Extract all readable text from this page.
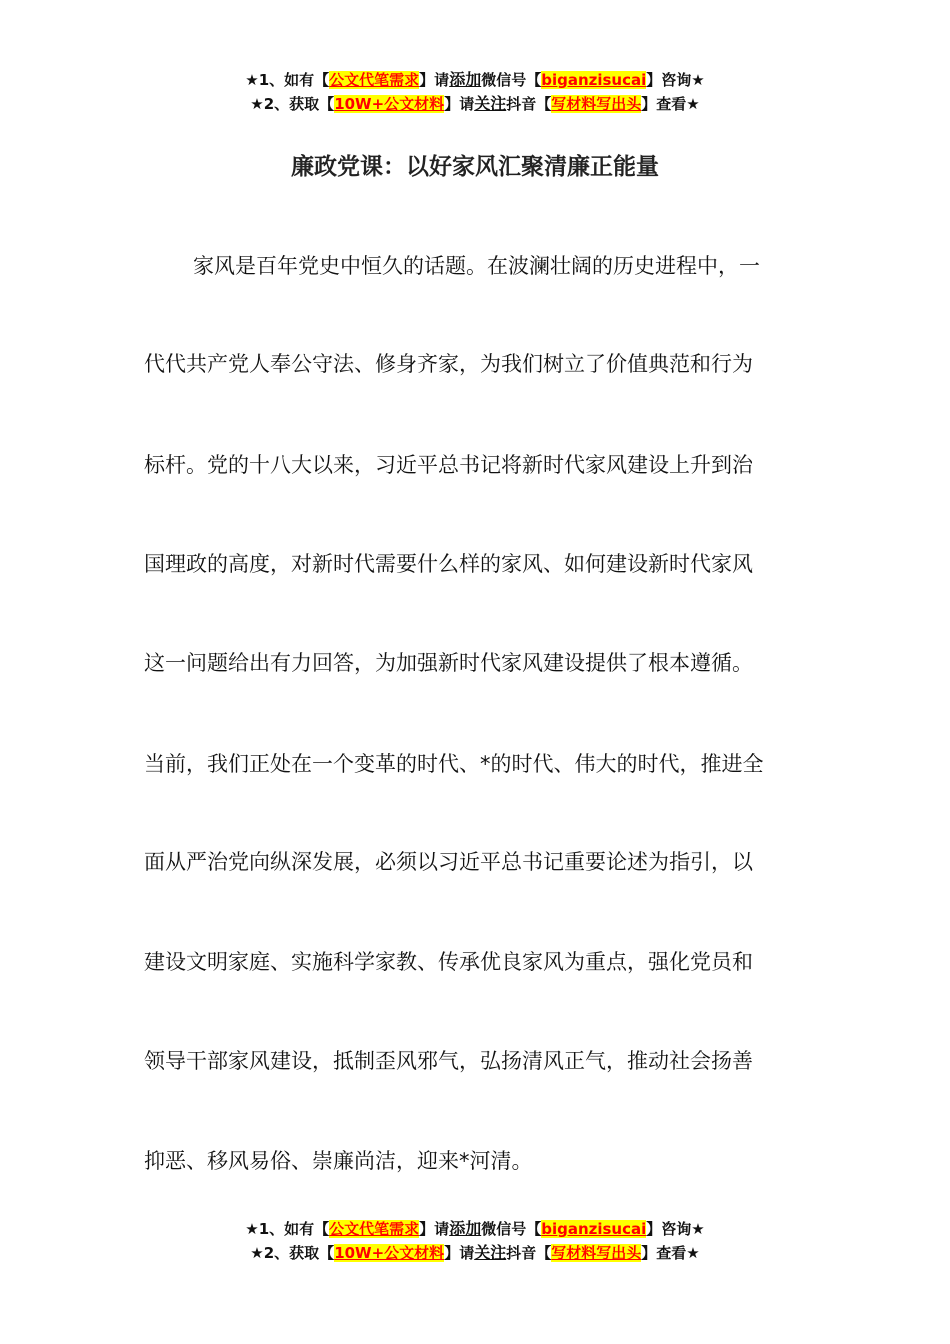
★1、如有【公文代笔需求】请添加微信号【biganzisucai】咨询★
★2、获取【10W+公文材料】请关注抖音【写材料写出头】查看★
廉政党课：以好家风汇聚清廉正能量
家风是百年党史中恒久的话题。在波澜壮阔的历史进程中，一
代代共产党人奉公守法、修身齐家，为我们树立了价值典范和行为
标杆。党的十八大以来，习近平总书记将新时代家风建设上升到治
国理政的高度，对新时代需要什么样的家风、如何建设新时代家风
这一问题给出有力回答，为加强新时代家风建设提供了根本遵循。
当前，我们正处在一个变革的时代、*的时代、伟大的时代，推进全
面从严治党向纵深发展，必须以习近平总书记重要论述为指引，以
建设文明家庭、实施科学家教、传承优良家风为重点，强化党员和
领导干部家风建设，抵制歪风邪气，弘扬清风正气，推动社会扬善
抑恶、移风易俗、崇廉尚洁，迎来*河清。
★1、如有【公文代笔需求】请添加微信号【biganzisucai】咨询★
★2、获取【10W+公文材料】请关注抖音【写材料写出头】查看★
